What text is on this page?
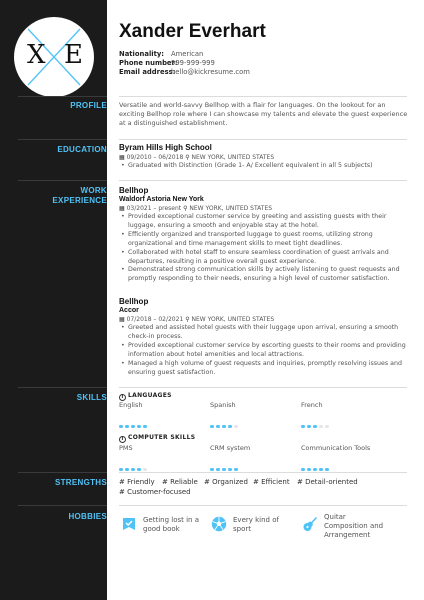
X E
Xander Everhart
Nationality: American
Phone number:999-999-999
Email address:hello@kickresume.com
PROFILE Versatile and world-savvy Bellhop with a flair for languages. On the lookout for an exciting Bellhop role where I can showcase my talents and elevate the guest experience at a distinguished establishment.
EDUCATION Byram Hills High School
▦ 09/2010 – 06/2018 ⚲ NEW YORK, UNITED STATES
• Graduated with Distinction (Grade 1- A/ Excellent equivalent in all 5 subjects)
WORK
EXPERIENCE
Bellhop
Waldorf Astoria New York
▦ 03/2021 – present ⚲ NEW YORK, UNITED STATES
• Provided exceptional customer service by greeting and assisting guests with their luggage, ensuring a smooth and enjoyable stay at the hotel.
• Efficiently organized and transported luggage to guest rooms, utilizing strong organizational and time management skills to meet tight deadlines.
• Collaborated with hotel staff to ensure seamless coordination of guest arrivals and departures, resulting in a positive overall guest experience.
• Demonstrated strong communication skills by actively listening to guest requests and promptly responding to their needs, ensuring a high level of customer satisfaction.
Bellhop
Accor
▦ 07/2018 – 02/2021 ⚲ NEW YORK, UNITED STATES
• Greeted and assisted hotel guests with their luggage upon arrival, ensuring a smooth check-in process.
• Provided exceptional customer service by escorting guests to their rooms and providing information about hotel amenities and local attractions.
• Managed a high volume of guest requests and inquiries, promptly resolving issues and ensuring guest satisfaction.
SKILLS	i LANGUAGES
English	Spanish	French
i COMPUTER SKILLS
PMS	CRM system	Communication Tools
STRENGTHS # Friendly # Reliable # Organized # Efficient # Detail-oriented
# Customer-focused
HOBBIES	Getting lost in a
good book
Every kind of
sport
Quitar
Composition and
Arrangement
